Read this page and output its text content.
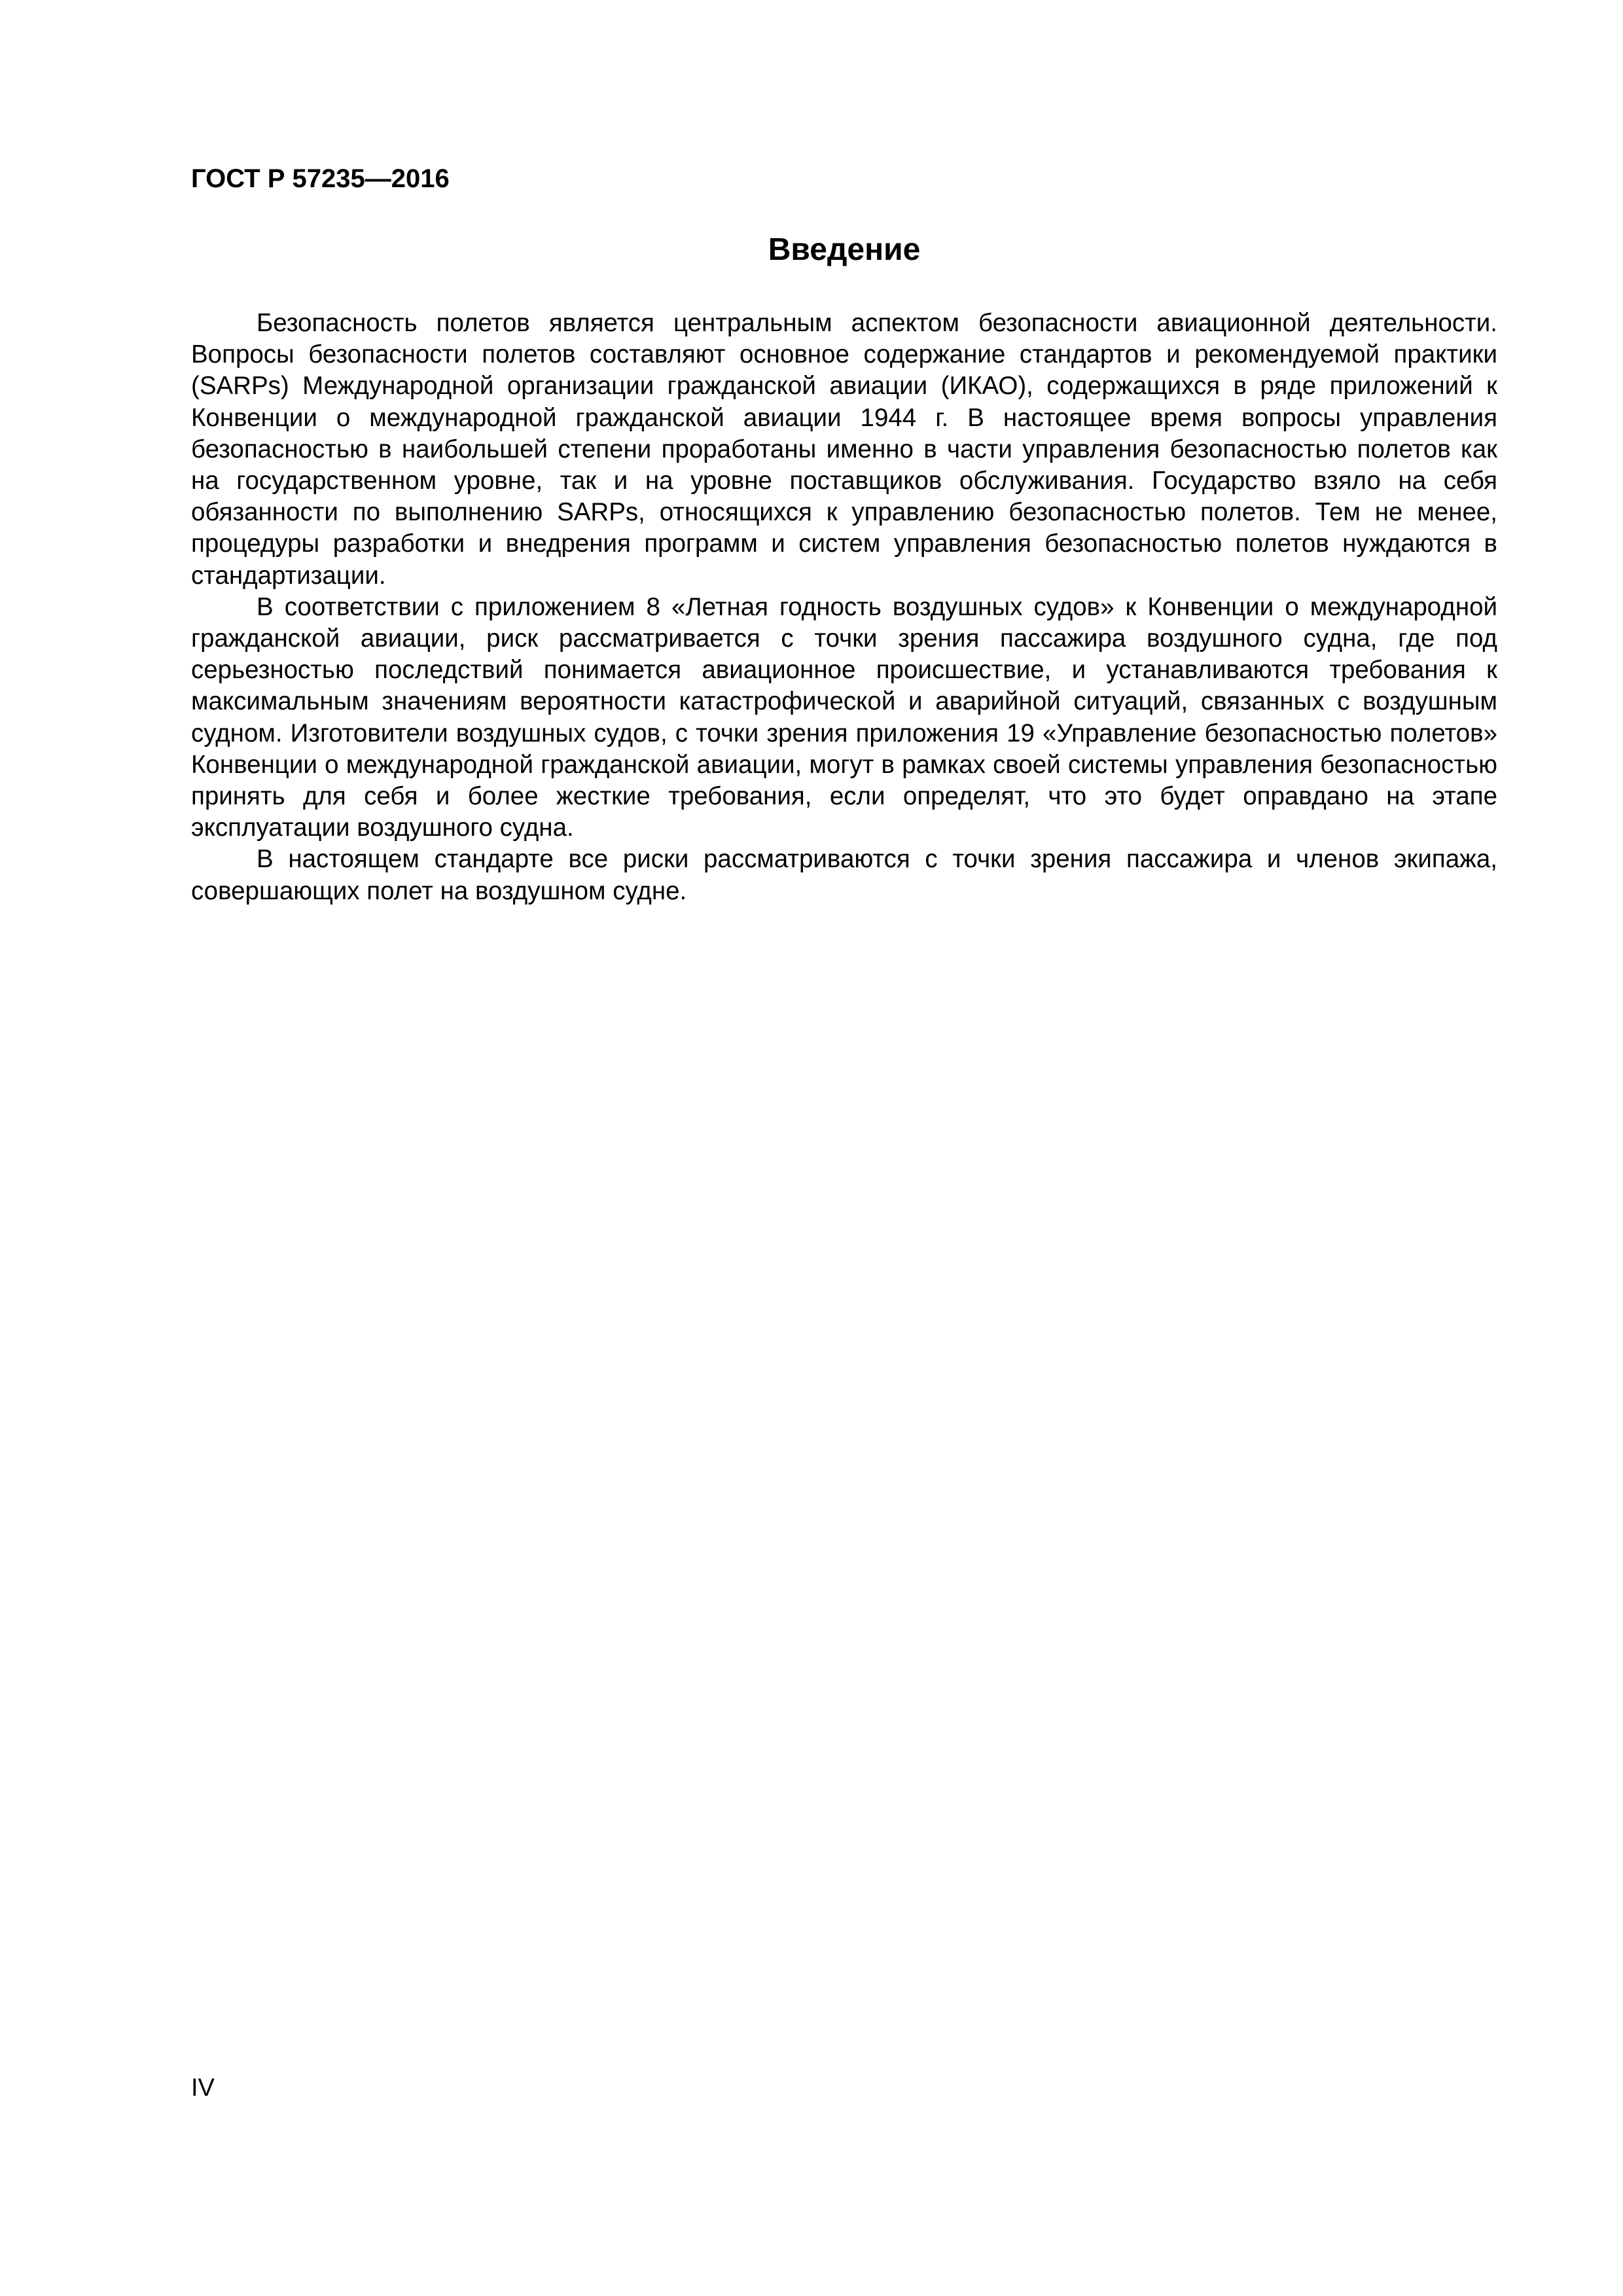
ГОСТ Р 57235—2016
Введение

Безопасность полетов является центральным аспектом безопасности авиационной деятельности. Вопросы безопасности полетов составляют основное содержание стандартов и рекомендуемой практики (SARPs) Международной организации гражданской авиации (ИКАО), содержащихся в ряде приложений к Конвенции о международной гражданской авиации 1944 г. В настоящее время вопросы управления безопасностью в наибольшей степени проработаны именно в части управления безопасностью полетов как на государственном уровне, так и на уровне поставщиков обслуживания. Государство взяло на себя обязанности по выполнению SARPs, относящихся к управлению безопасностью полетов. Тем не менее, процедуры разработки и внедрения программ и систем управления безопасностью полетов нуждаются в стандартизации.

В соответствии с приложением 8 «Летная годность воздушных судов» к Конвенции о международной гражданской авиации, риск рассматривается с точки зрения пассажира воздушного судна, где под серьезностью последствий понимается авиационное происшествие, и устанавливаются требования к максимальным значениям вероятности катастрофической и аварийной ситуаций, связанных с воздушным судном. Изготовители воздушных судов, с точки зрения приложения 19 «Управление безопасностью полетов» Конвенции о международной гражданской авиации, могут в рамках своей системы управления безопасностью принять для себя и более жесткие требования, если определят, что это будет оправдано на этапе эксплуатации воздушного судна.

В настоящем стандарте все риски рассматриваются с точки зрения пассажира и членов экипажа, совершающих полет на воздушном судне.

IV
